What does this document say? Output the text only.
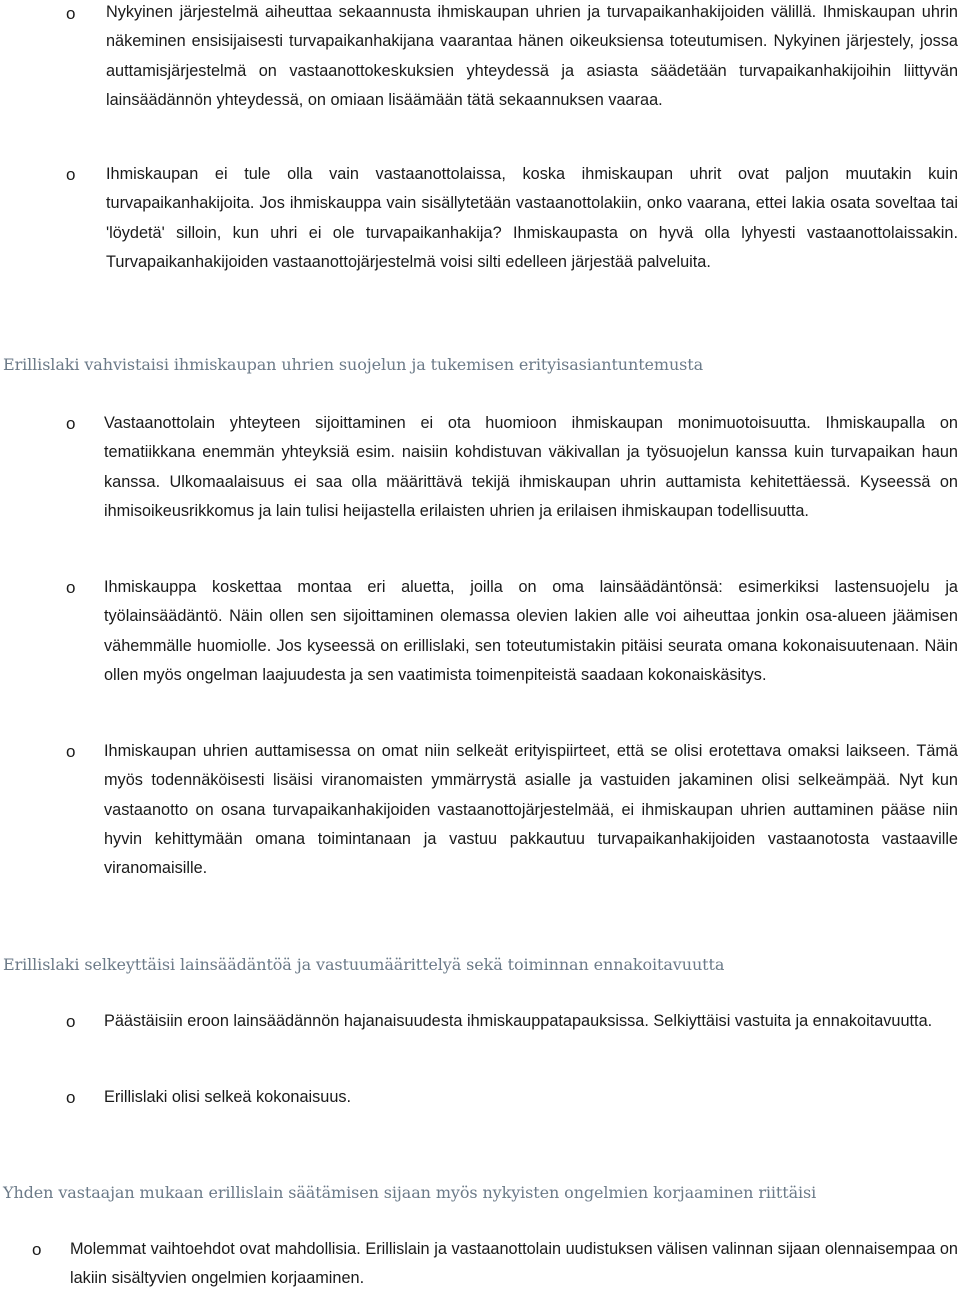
o Nykyinen järjestelmä aiheuttaa sekaannusta ihmiskaupan uhrien ja turvapaikanhakijoiden välillä. Ihmiskaupan uhrin näkeminen ensisijaisesti turvapaikanhakijana vaarantaa hänen oikeuksiensa toteutumisen. Nykyinen järjestely, jossa auttamisjärjestelmä on vastaanottokeskuksien yhteydessä ja asiasta säädetään turvapaikanhakijoihin liittyvän lainsäädännön yhteydessä, on omiaan lisäämään tätä sekaannuksen vaaraa.

o Ihmiskaupan ei tule olla vain vastaanottolaissa, koska ihmiskaupan uhrit ovat paljon muutakin kuin turvapaikanhakijoita. Jos ihmiskauppa vain sisällytetään vastaanottolakiin, onko vaarana, ettei lakia osata soveltaa tai 'löydetä' silloin, kun uhri ei ole turvapaikanhakija? Ihmiskaupasta on hyvä olla lyhyesti vastaanottolaissakin. Turvapaikanhakijoiden vastaanottojärjestelmä voisi silti edelleen järjestää palveluita.

Erillislaki vahvistaisi ihmiskaupan uhrien suojelun ja tukemisen erityisasiantuntemusta
o Vastaanottolain yhteyteen sijoittaminen ei ota huomioon ihmiskaupan monimuotoisuutta. Ihmiskaupalla on tematiikkana enemmän yhteyksiä esim. naisiin kohdistuvan väkivallan ja työsuojelun kanssa kuin turvapaikan haun kanssa. Ulkomaalaisuus ei saa olla määrittävä tekijä ihmiskaupan uhrin auttamista kehitettäessä. Kyseessä on ihmisoikeusrikkomus ja lain tulisi heijastella erilaisten uhrien ja erilaisen ihmiskaupan todellisuutta.

o Ihmiskauppa koskettaa montaa eri aluetta, joilla on oma lainsäädäntönsä: esimerkiksi lastensuojelu ja työlainsäädäntö. Näin ollen sen sijoittaminen olemassa olevien lakien alle voi aiheuttaa jonkin osa-alueen jäämisen vähemmälle huomiolle. Jos kyseessä on erillislaki, sen toteutumistakin pitäisi seurata omana kokonaisuutenaan. Näin ollen myös ongelman laajuudesta ja sen vaatimista toimenpiteistä saadaan kokonaiskäsitys.

o Ihmiskaupan uhrien auttamisessa on omat niin selkeät erityispiirteet, että se olisi erotettava omaksi laikseen. Tämä myös todennäköisesti lisäisi viranomaisten ymmärrystä asialle ja vastuiden jakaminen olisi selkeämpää. Nyt kun vastaanotto on osana turvapaikanhakijoiden vastaanottojärjestelmää, ei ihmiskaupan uhrien auttaminen pääse niin hyvin kehittymään omana toimintanaan ja vastuu pakkautuu turvapaikanhakijoiden vastaanotosta vastaaville viranomaisille.

Erillislaki selkeyttäisi lainsäädäntöä ja vastuumäärittelyä sekä toiminnan ennakoitavuutta
o Päästäisiin eroon lainsäädännön hajanaisuudesta ihmiskauppatapauksissa. Selkiyttäisi vastuita ja ennakoitavuutta.

o Erillislaki olisi selkeä kokonaisuus.

Yhden vastaajan mukaan erillislain säätämisen sijaan myös nykyisten ongelmien korjaaminen riittäisi
o Molemmat vaihtoehdot ovat mahdollisia. Erillislain ja vastaanottolain uudistuksen välisen valinnan sijaan olennaisempaa on lakiin sisältyvien ongelmien korjaaminen.
